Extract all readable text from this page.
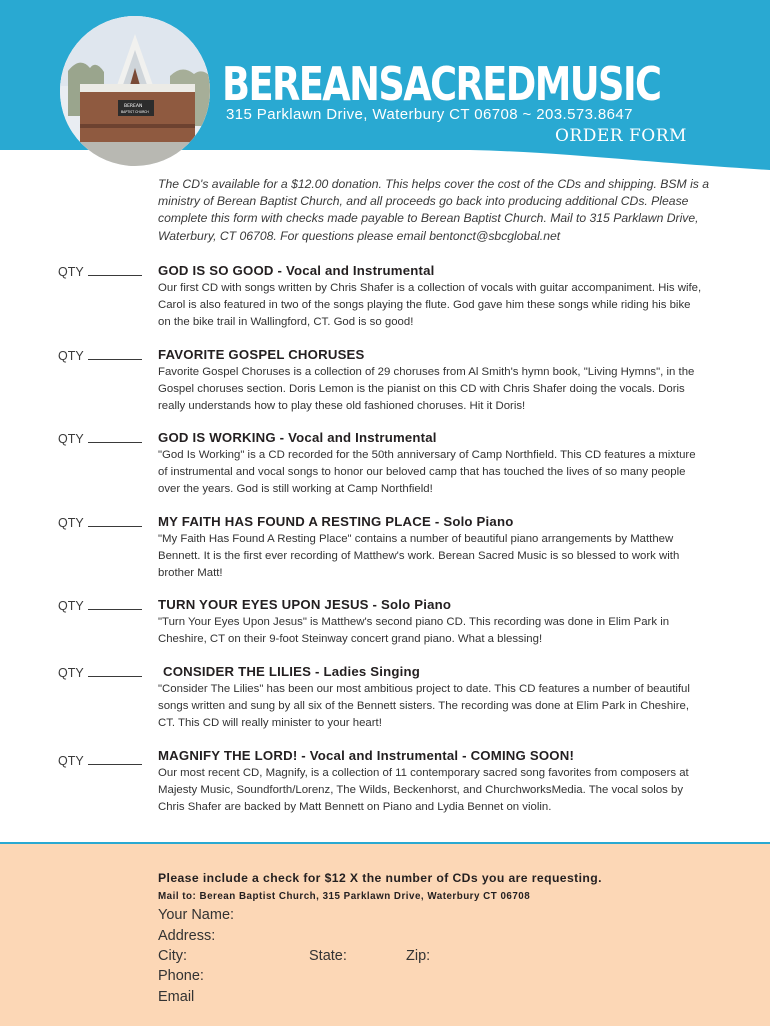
BEREAN
BAPTIST CHURCH
BEREANSACREDMUSIC
315 Parklawn Drive, Waterbury CT 06708 ~ 203.573.8647
ORDER FORM
The CD's available for a $12.00 donation. This helps cover the cost of the CDs and shipping. BSM is a ministry of Berean Baptist Church, and all proceeds go back into producing additional CDs. Please complete this form with checks made payable to Berean Baptist Church. Mail to 315 Parklawn Drive, Waterbury, CT 06708. For questions please email bentonct@sbcglobal.net
QTY	GOD IS SO GOOD - Vocal and Instrumental
Our first CD with songs written by Chris Shafer is a collection of vocals with guitar accompaniment. His wife, Carol is also featured in two of the songs playing the flute. God gave him these songs while riding his bike on the bike trail in Wallingford, CT. God is so good!
QTY	FAVORITE GOSPEL CHORUSES
Favorite Gospel Choruses is a collection of 29 choruses from Al Smith's hymn book, "Living Hymns", in the Gospel choruses section. Doris Lemon is the pianist on this CD with Chris Shafer doing the vocals. Doris really understands how to play these old fashioned choruses. Hit it Doris!
QTY	GOD IS WORKING - Vocal and Instrumental
"God Is Working" is a CD recorded for the 50th anniversary of Camp Northfield. This CD features a mixture of instrumental and vocal songs to honor our beloved camp that has touched the lives of so many people over the years. God is still working at Camp Northfield!
QTY	MY FAITH HAS FOUND A RESTING PLACE - Solo Piano
"My Faith Has Found A Resting Place" contains a number of beautiful piano arrangements by Matthew Bennett. It is the first ever recording of Matthew's work. Berean Sacred Music is so blessed to work with brother Matt!
QTY	TURN YOUR EYES UPON JESUS - Solo Piano
"Turn Your Eyes Upon Jesus" is Matthew's second piano CD. This recording was done in Elim Park in Cheshire, CT on their 9-foot Steinway concert grand piano. What a blessing!
QTY	CONSIDER THE LILIES - Ladies Singing
"Consider The Lilies" has been our most ambitious project to date. This CD features a number of beautiful songs written and sung by all six of the Bennett sisters. The recording was done at Elim Park in Cheshire, CT. This CD will really minister to your heart!
QTY	MAGNIFY THE LORD! - Vocal and Instrumental - COMING SOON!
Our most recent CD, Magnify, is a collection of 11 contemporary sacred song favorites from composers at Majesty Music, Soundforth/Lorenz, The Wilds, Beckenhorst, and ChurchworksMedia. The vocal solos by Chris Shafer are backed by Matt Bennett on Piano and Lydia Bennet on violin.
Please include a check for $12 X the number of CDs you are requesting.
Mail to: Berean Baptist Church, 315 Parklawn Drive, Waterbury CT 06708
Your Name:
Address:
City:	State:	Zip:
Phone:
Email
